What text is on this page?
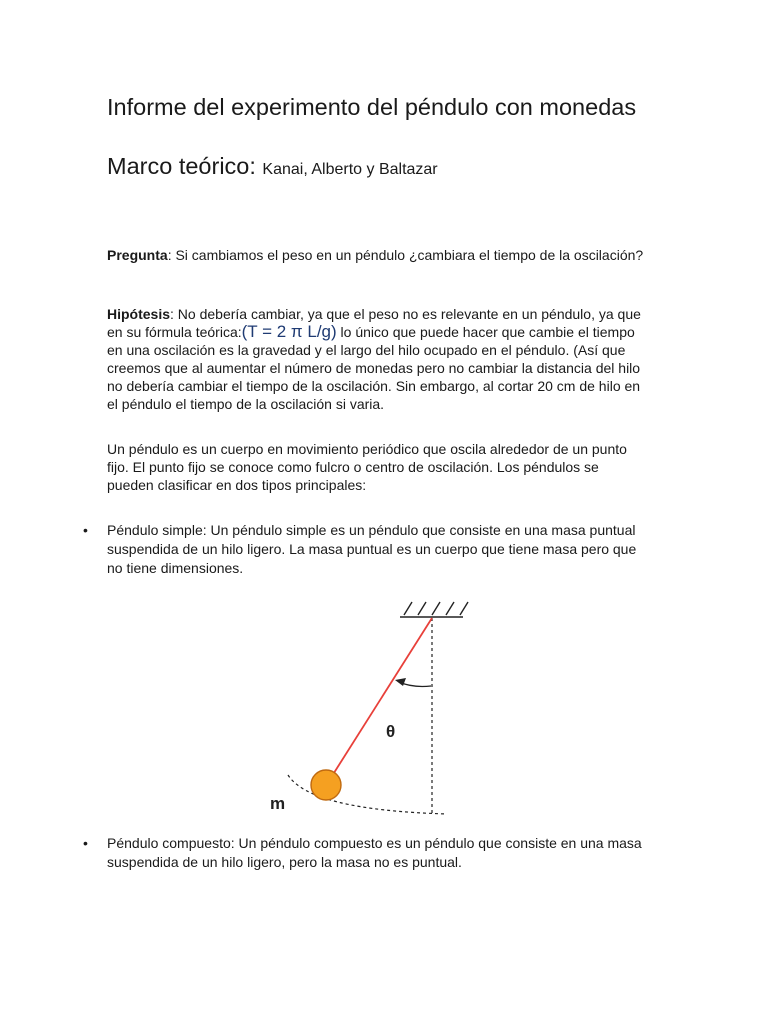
Informe del experimento del péndulo con monedas
Marco teórico: Kanai, Alberto y Baltazar

Pregunta: Si cambiamos el peso en un péndulo ¿cambiara el tiempo de la oscilación?

Hipótesis: No debería cambiar, ya que el peso no es relevante en un péndulo, ya que en su fórmula teórica:(T = 2 π L/g) lo único que puede hacer que cambie el tiempo en una oscilación es la gravedad y el largo del hilo ocupado en el péndulo. (Así que creemos que al aumentar el número de monedas pero no cambiar la distancia del hilo no debería cambiar el tiempo de la oscilación. Sin embargo, al cortar 20 cm de hilo en el péndulo el tiempo de la oscilación si varia.

Un péndulo es un cuerpo en movimiento periódico que oscila alrededor de un punto fijo. El punto fijo se conoce como fulcro o centro de oscilación. Los péndulos se pueden clasificar en dos tipos principales:

• Péndulo simple: Un péndulo simple es un péndulo que consiste en una masa puntual suspendida de un hilo ligero. La masa puntual es un cuerpo que tiene masa pero que no tiene dimensiones.
θ
m
• Péndulo compuesto: Un péndulo compuesto es un péndulo que consiste en una masa suspendida de un hilo ligero, pero la masa no es puntual.
